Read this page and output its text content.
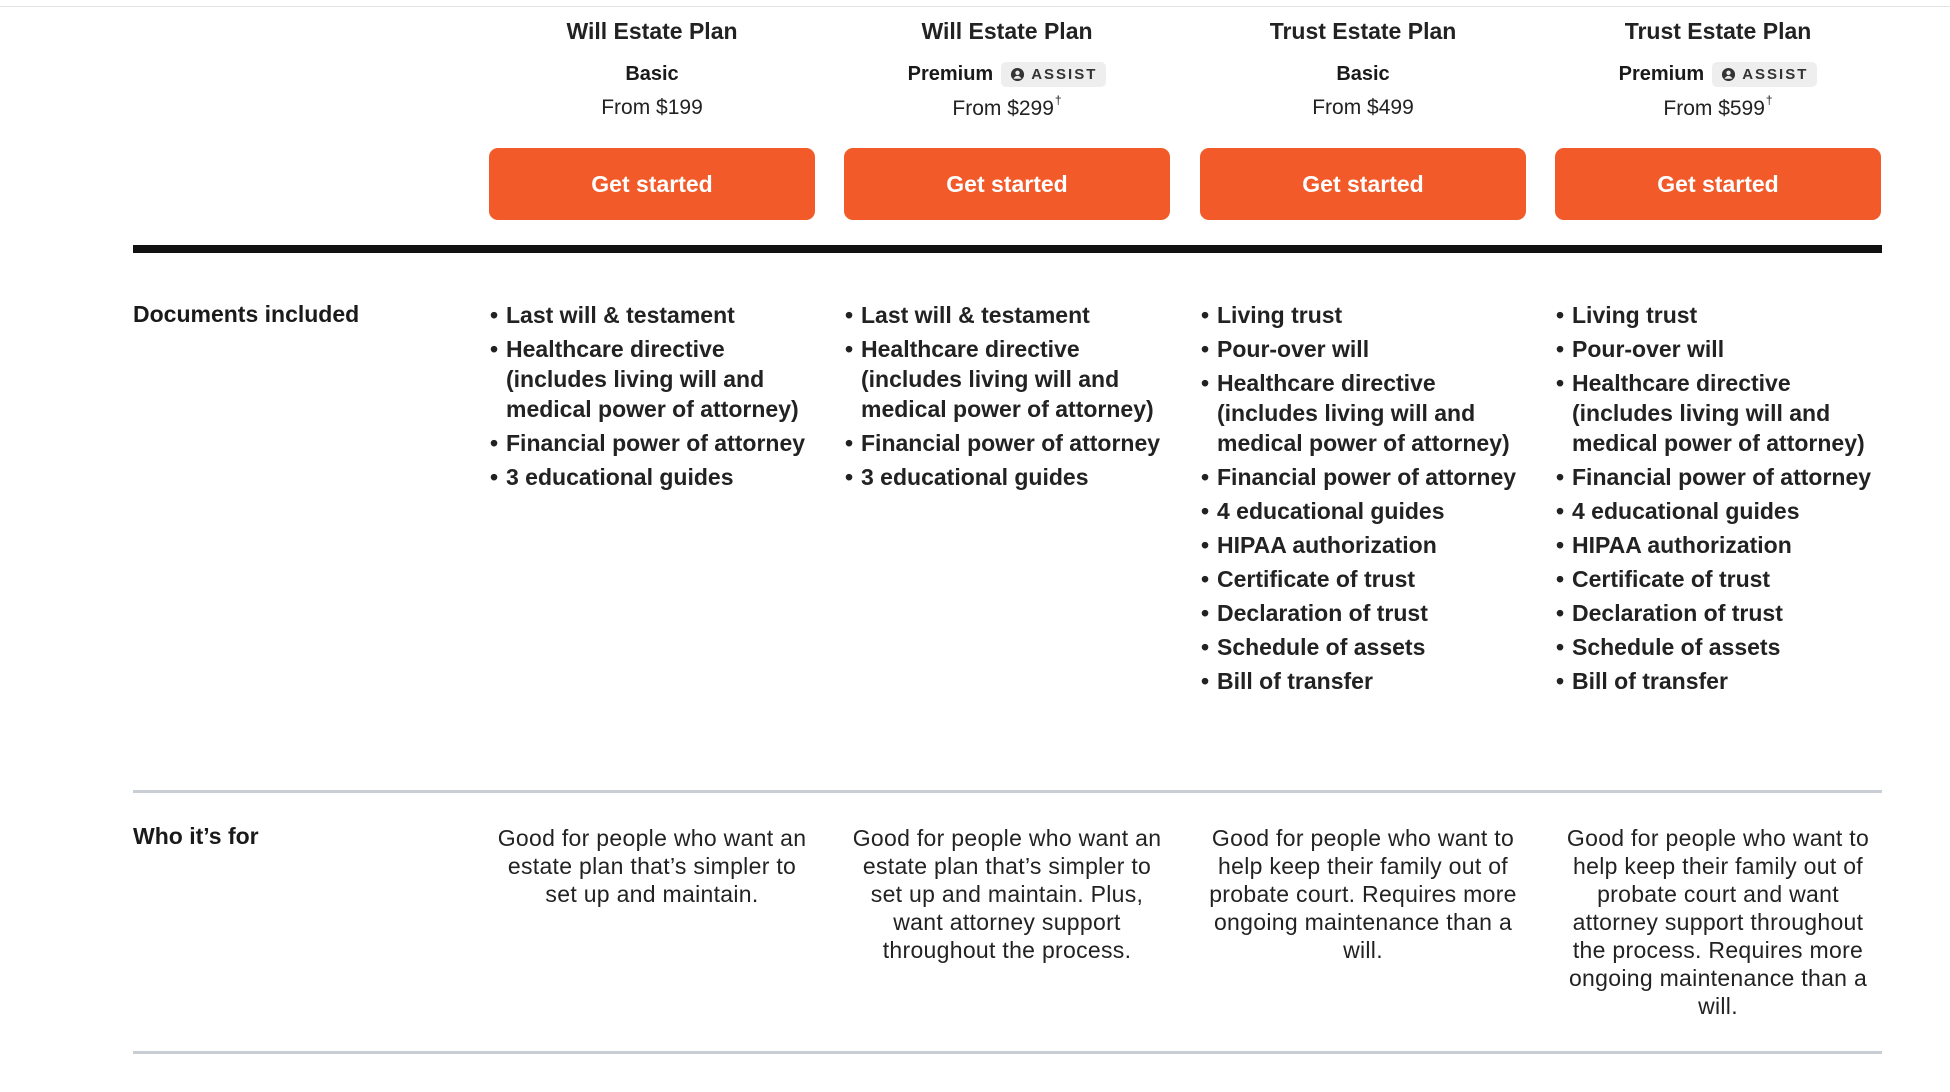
Will Estate Plan
Basic
From $199
Get started
Will Estate Plan
Premium	ASSIST
From $299†
Get started
Trust Estate Plan
Basic
From $499
Get started
Trust Estate Plan
Premium	ASSIST
From $599†
Get started
Documents included
•	Last will & testament
• Healthcare directive (includes living will and medical power of attorney)
• Financial power of attorney
• 3 educational guides
• Last will & testament
• Healthcare directive (includes living will and medical power of attorney)
• Financial power of attorney
• 3 educational guides
• Living trust
• Pour-over will
• Healthcare directive (includes living will and medical power of attorney)
• Financial power of attorney
• 4 educational guides
• HIPAA authorization
• Certificate of trust
• Declaration of trust
• Schedule of assets
• Bill of transfer
• Living trust
• Pour-over will
• Healthcare directive (includes living will and medical power of attorney)
• Financial power of attorney
• 4 educational guides
• HIPAA authorization
• Certificate of trust
• Declaration of trust
• Schedule of assets
• Bill of transfer
Who it’s for	Good for people who want an estate plan that’s simpler to set up and maintain.
Good for people who want an estate plan that’s simpler to set up and maintain. Plus, want attorney support throughout the process.
Good for people who want to help keep their family out of probate court. Requires more ongoing maintenance than a will.
Good for people who want to help keep their family out of probate court and want attorney support throughout the process. Requires more ongoing maintenance than a will.
